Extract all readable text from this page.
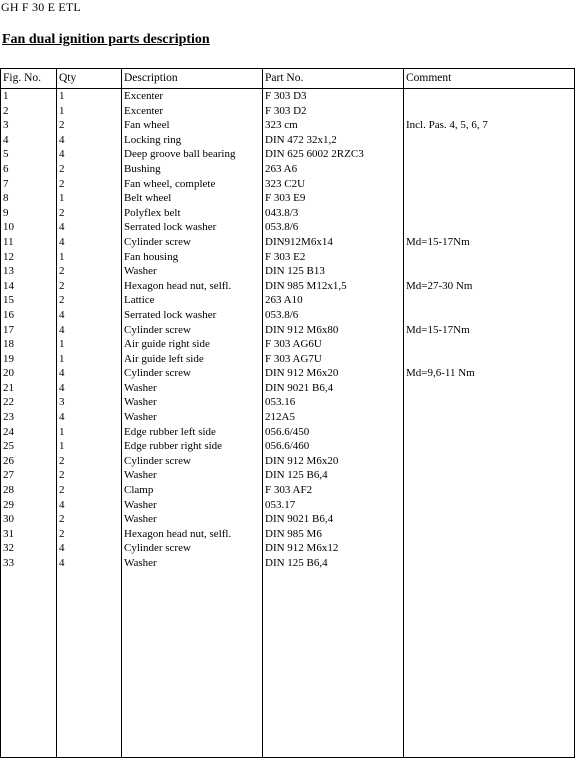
GH F 30 E ETL
Fan dual ignition parts description
Fig. No.	Qty	Description	Part No.	Comment
1	1	Excenter	F 303 D3	
2	1	Excenter	F 303 D2	
3	2	Fan wheel	323 cm	Incl. Pas. 4, 5, 6, 7
4	4	Locking ring	DIN 472 32x1,2	
5	4	Deep groove ball bearing	DIN 625 6002 2RZC3	
6	2	Bushing	263 A6	
7	2	Fan wheel, complete	323 C2U	
8	1	Belt wheel	F 303 E9	
9	2	Polyflex belt	043.8/3	
10	4	Serrated lock washer	053.8/6	
11	4	Cylinder screw	DIN912M6x14	Md=15-17Nm
12	1	Fan housing	F 303 E2	
13	2	Washer	DIN 125 B13	
14	2	Hexagon head nut, selfl.	DIN 985 M12x1,5	Md=27-30 Nm
15	2	Lattice	263 A10	
16	4	Serrated lock washer	053.8/6	
17	4	Cylinder screw	DIN 912 M6x80	Md=15-17Nm
18	1	Air guide right side	F 303 AG6U	
19	1	Air guide left side	F 303 AG7U	
20	4	Cylinder screw	DIN 912 M6x20	Md=9,6-11 Nm
21	4	Washer	DIN 9021 B6,4	
22	3	Washer	053.16	
23	4	Washer	212A5	
24	1	Edge rubber left side	056.6/450	
25	1	Edge rubber right side	056.6/460	
26	2	Cylinder screw	DIN 912 M6x20	
27	2	Washer	DIN 125 B6,4	
28	2	Clamp	F 303 AF2	
29	4	Washer	053.17	
30	2	Washer	DIN 9021 B6,4	
31	2	Hexagon head nut, selfl.	DIN 985 M6	
32	4	Cylinder screw	DIN 912 M6x12	
33	4	Washer	DIN 125 B6,4	
